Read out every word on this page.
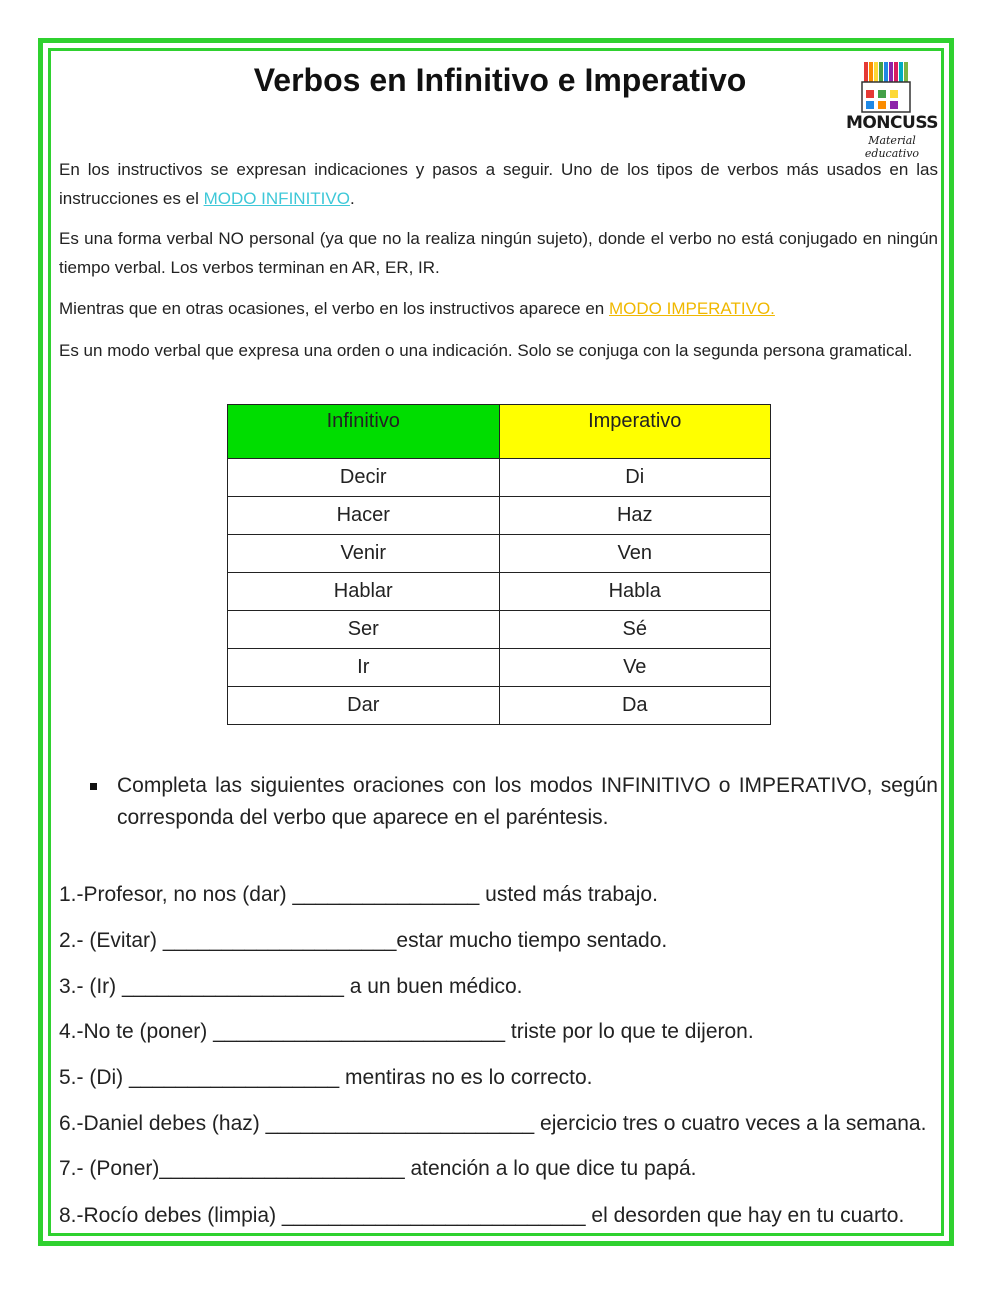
Verbos en Infinitivo e Imperativo
MONCUSS
Material educativo

En los instructivos se expresan indicaciones y pasos a seguir. Uno de los tipos de verbos más usados en las instrucciones es el MODO INFINITIVO.

Es una forma verbal NO personal (ya que no la realiza ningún sujeto), donde el verbo no está conjugado en ningún tiempo verbal. Los verbos terminan en AR, ER, IR.

Mientras que en otras ocasiones, el verbo en los instructivos aparece en MODO IMPERATIVO.

Es un modo verbal que expresa una orden o una indicación. Solo se conjuga con la segunda persona gramatical.

Infinitivo	Imperativo
Decir	Di
Hacer	Haz
Venir	Ven
Hablar	Habla
Ser	Sé
Ir	Ve
Dar	Da
Completa las siguientes oraciones con los modos INFINITIVO o IMPERATIVO, según corresponda del verbo que aparece en el paréntesis.
1.-Profesor, no nos (dar) ________________ usted más trabajo.
2.- (Evitar) ____________________estar mucho tiempo sentado.
3.- (Ir) ___________________ a un buen médico.
4.-No te (poner) _________________________ triste por lo que te dijeron.
5.- (Di) __________________ mentiras no es lo correcto.
6.-Daniel debes (haz) _______________________ ejercicio tres o cuatro veces a la semana.
7.- (Poner)_____________________ atención a lo que dice tu papá.
8.-Rocío debes (limpia) __________________________ el desorden que hay en tu cuarto.
